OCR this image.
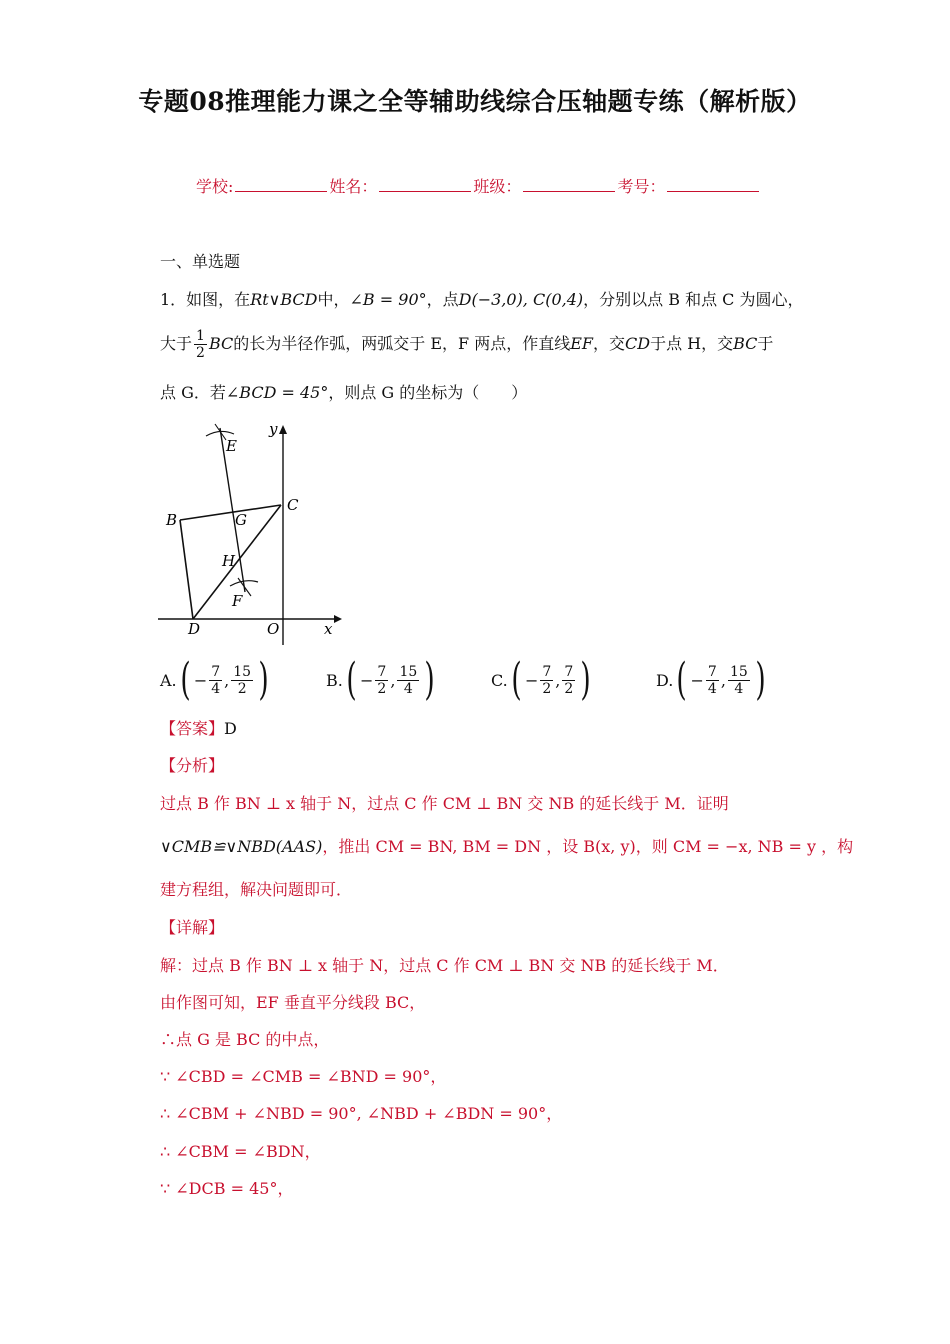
专题08推理能力课之全等辅助线综合压轴题专练（解析版）
学校:	姓名：	班级：	考号：
一、单选题
1．如图，在Rt∨BCD中，∠B = 90°，点D(−3,0), C(0,4)，分别以点 B 和点 C 为圆心，
大于 $\frac{1}{2}$ BC的长为半径作弧，两弧交于 E，F 两点，作直线EF，交CD于点 H，交BC于
点 G．若∠BCD = 45°，则点 G 的坐标为（　　）
E
B	G
C
H
F
D	O	x
y
A. ( − $\frac{7}{4}$ , $\frac{15}{2}$ )	B. ( − $\frac{7}{2}$ , $\frac{15}{4}$ )	C. ( − $\frac{7}{2}$ , $\frac{7}{2}$ )	D. ( − $\frac{7}{4}$ , $\frac{15}{4}$ )
【答案】D
【分析】
过点 B 作 BN ⊥ x 轴于 N，过点 C 作 CM ⊥ BN 交 NB 的延长线于 M．证明
∨CMB≌∨NBD(AAS)，推出 CM = BN, BM = DN ，设 B(x, y)，则 CM = −x, NB = y ，构
建方程组，解决问题即可．
【详解】
解：过点 B 作 BN ⊥ x 轴于 N，过点 C 作 CM ⊥ BN 交 NB 的延长线于 M．
由作图可知，EF 垂直平分线段 BC，
∴点 G 是 BC 的中点，
∵ ∠CBD = ∠CMB = ∠BND = 90°，
∴ ∠CBM + ∠NBD = 90°, ∠NBD + ∠BDN = 90°，
∴ ∠CBM = ∠BDN，
∵ ∠DCB = 45°，
